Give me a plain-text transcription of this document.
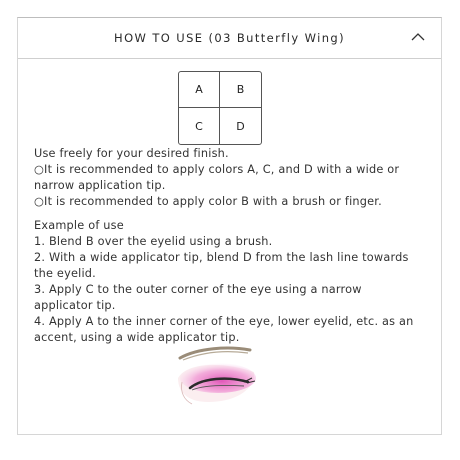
HOW TO USE (03 Butterfly Wing)
A	B
C	D

Use freely for your desired finish.

○It is recommended to apply colors A, C, and D with a wide or

narrow application tip.

○It is recommended to apply color B with a brush or finger.

Example of use

1. Blend B over the eyelid using a brush.

2. With a wide applicator tip, blend D from the lash line towards

the eyelid.

3. Apply C to the outer corner of the eye using a narrow

applicator tip.

4. Apply A to the inner corner of the eye, lower eyelid, etc. as an

accent, using a wide applicator tip.
